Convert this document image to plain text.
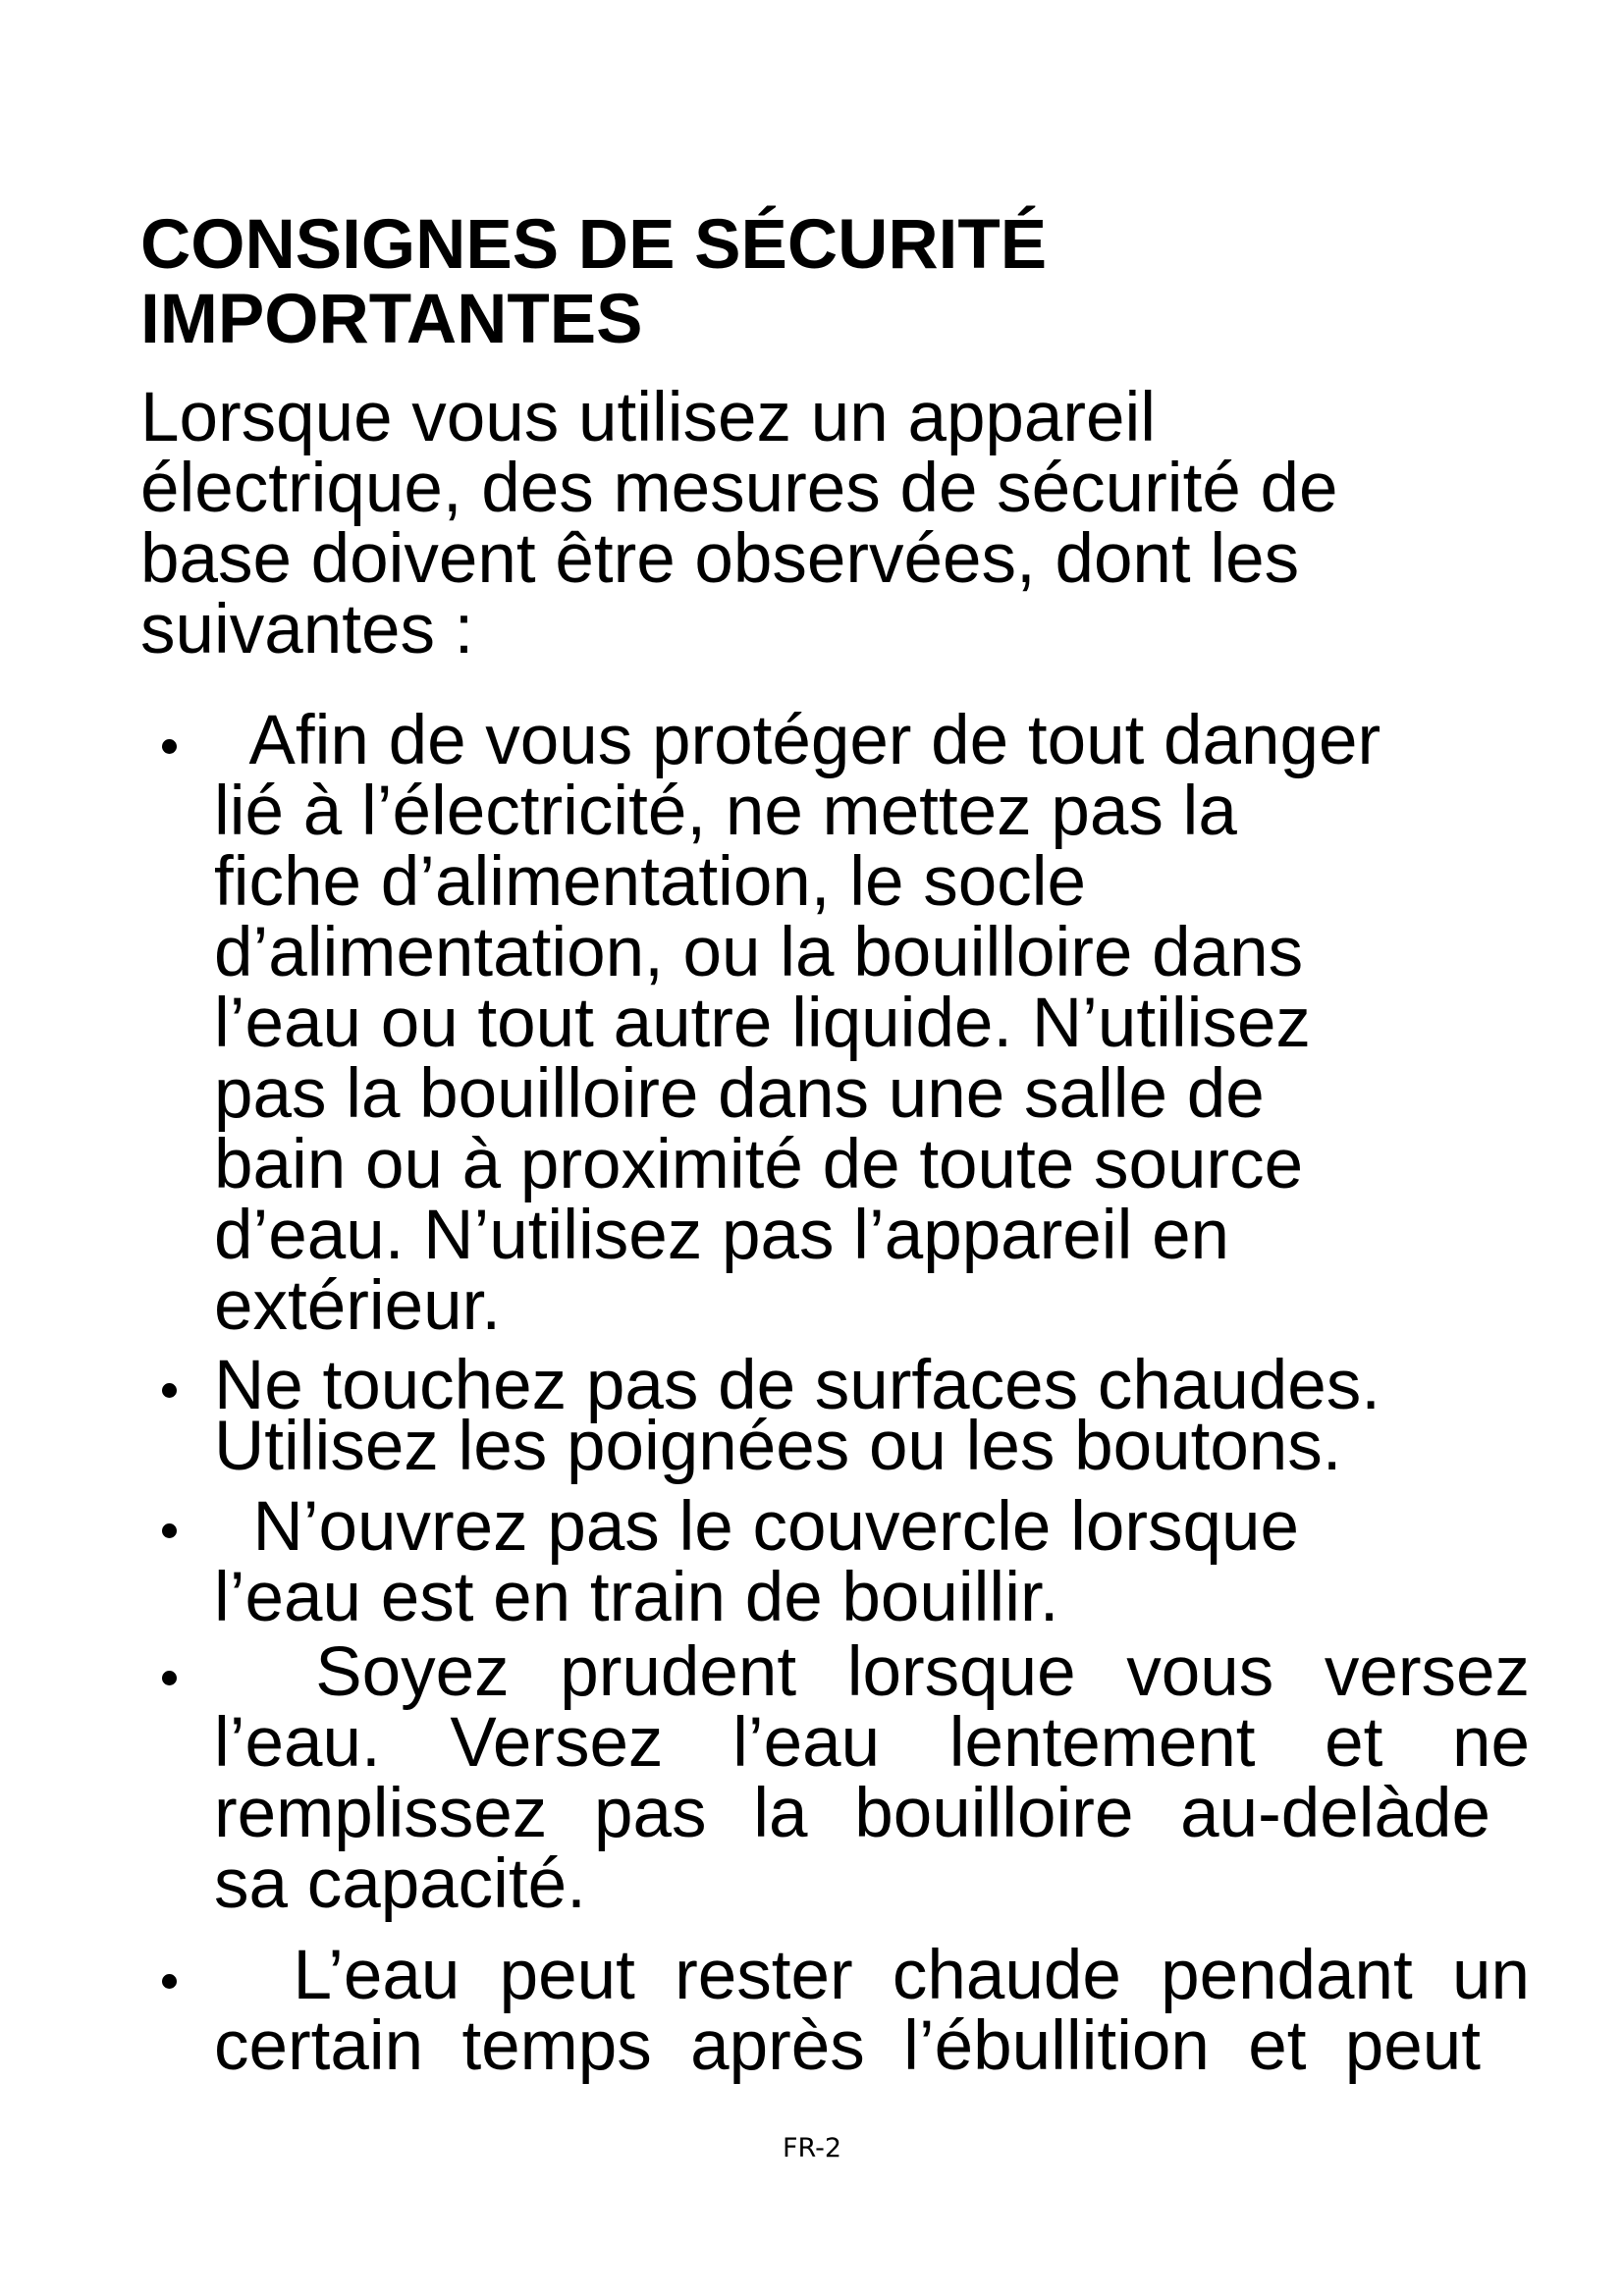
CONSIGNES DE SÉCURITÉ
IMPORTANTES

Lorsque vous utilisez un appareil
électrique, des mesures de sécurité de
base doivent être observées, dont les
suivantes :

Afin de vous protéger de tout danger
lié à l’électricité, ne mettez pas la
fiche d’alimentation, le socle
d’alimentation, ou la bouilloire dans
l’eau ou tout autre liquide. N’utilisez
pas la bouilloire dans une salle de
bain ou à proximité de toute source
d’eau. N’utilisez pas l’appareil en
extérieur.
Ne touchez pas de surfaces chaudes.
Utilisez les poignées ou les boutons.
N’ouvrez pas le couvercle lorsque
l’eau est en train de bouillir.
Soyez prudent lorsque vous versez
l’eau. Versez l’eau lentement et ne
remplissez pas la bouilloire au-delàde
sa capacité.
L’eau peut rester chaude pendant un
certain temps après l’ébullition et peut
FR-2
